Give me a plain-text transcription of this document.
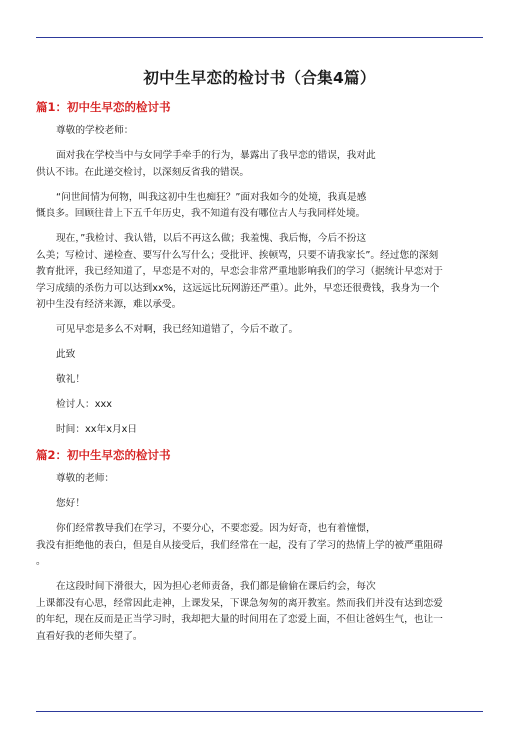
初中生早恋的检讨书（合集4篇）
篇1：初中生早恋的检讨书
尊敬的学校老师：
面对我在学校当中与女同学手牵手的行为，暴露出了我早恋的错误，我对此
供认不讳。在此递交检讨，以深刻反省我的错误。
“问世间情为何物，叫我这初中生也痴狂？”面对我如今的处境，我真是感
慨良多。回顾往昔上下五千年历史，我不知道有没有哪位古人与我同样处境。
现在，”我检讨、我认错，以后不再这么做；我羞愧、我后悔，今后不扮这
么美；写检讨、递检查、要写什么写什么；受批评、挨顿骂，只要不请我家长”。经过您的深刻
教育批评，我已经知道了，早恋是不对的，早恋会非常严重地影响我们的学习（据统计早恋对于
学习成绩的杀伤力可以达到xx%，这远远比玩网游还严重）。此外，早恋还很费钱，我身为一个
初中生没有经济来源，难以承受。
可见早恋是多么不对啊，我已经知道错了，今后不敢了。
此致
敬礼！
检讨人：xxx
时间：xx年x月x日
篇2：初中生早恋的检讨书
尊敬的老师：
您好！
你们经常教导我们在学习，不要分心，不要恋爱。因为好奇，也有着憧憬，
我没有拒绝他的表白，但是自从接受后，我们经常在一起，没有了学习的热情上学的被严重阻碍
。
在这段时间下滑很大，因为担心老师责备，我们都是偷偷在课后约会，每次
上课都没有心思，经常因此走神，上课发呆，下课急匆匆的离开教室。然而我们并没有达到恋爱
的年纪，现在反而是正当学习时，我却把大量的时间用在了恋爱上面，不但让爸妈生气，也让一
直看好我的老师失望了。
